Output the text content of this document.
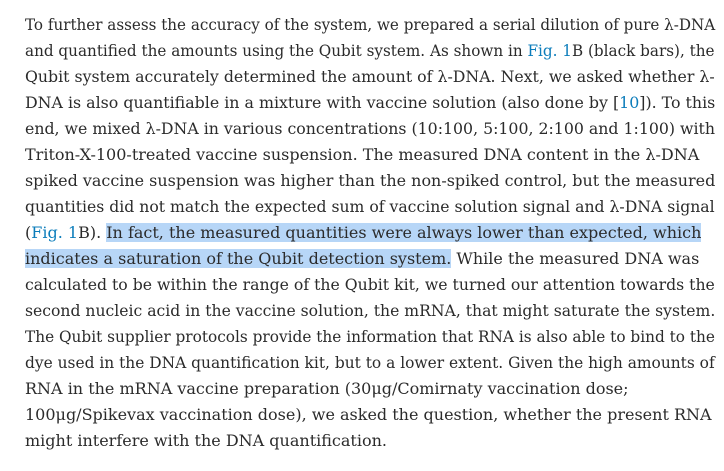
To further assess the accuracy of the system, we prepared a serial dilution of pure λ-DNA
and quantified the amounts using the Qubit system. As shown in Fig. 1B (black bars), the
Qubit system accurately determined the amount of λ-DNA. Next, we asked whether λ-
DNA is also quantifiable in a mixture with vaccine solution (also done by [10]). To this
end, we mixed λ-DNA in various concentrations (10:100, 5:100, 2:100 and 1:100) with
Triton-X-100-treated vaccine suspension. The measured DNA content in the λ-DNA
spiked vaccine suspension was higher than the non-spiked control, but the measured
quantities did not match the expected sum of vaccine solution signal and λ-DNA signal
(Fig. 1B). In fact, the measured quantities were always lower than expected, which
indicates a saturation of the Qubit detection system. While the measured DNA was
calculated to be within the range of the Qubit kit, we turned our attention towards the
second nucleic acid in the vaccine solution, the mRNA, that might saturate the system.
The Qubit supplier protocols provide the information that RNA is also able to bind to the
dye used in the DNA quantification kit, but to a lower extent. Given the high amounts of
RNA in the mRNA vaccine preparation (30μg/Comirnaty vaccination dose;
100μg/Spikevax vaccination dose), we asked the question, whether the present RNA
might interfere with the DNA quantification.
